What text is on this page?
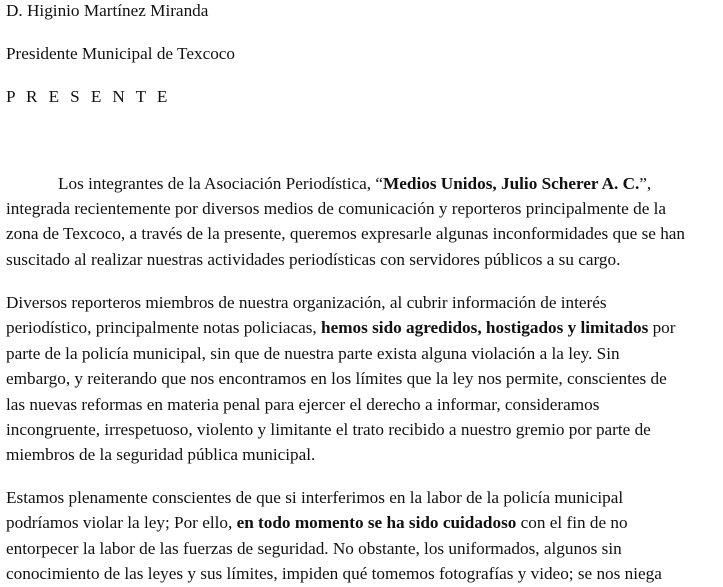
D. Higinio Martínez Miranda
Presidente Municipal de Texcoco
P R E S E N T E
Los integrantes de la Asociación Periodística, “Medios Unidos, Julio Scherer A. C.”,
integrada recientemente por diversos medios de comunicación y reporteros principalmente de la
zona de Texcoco, a través de la presente, queremos expresarle algunas inconformidades que se han
suscitado al realizar nuestras actividades periodísticas con servidores públicos a su cargo.
Diversos reporteros miembros de nuestra organización, al cubrir información de interés
periodístico, principalmente notas policiacas, hemos sido agredidos, hostigados y limitados por
parte de la policía municipal, sin que de nuestra parte exista alguna violación a la ley. Sin
embargo, y reiterando que nos encontramos en los límites que la ley nos permite, conscientes de
las nuevas reformas en materia penal para ejercer el derecho a informar, consideramos
incongruente, irrespetuoso, violento y limitante el trato recibido a nuestro gremio por parte de
miembros de la seguridad pública municipal.
Estamos plenamente conscientes de que si interferimos en la labor de la policía municipal
podríamos violar la ley; Por ello, en todo momento se ha sido cuidadoso con el fin de no
entorpecer la labor de las fuerzas de seguridad. No obstante, los uniformados, algunos sin
conocimiento de las leyes y sus límites, impiden qué tomemos fotografías y video; se nos niega
